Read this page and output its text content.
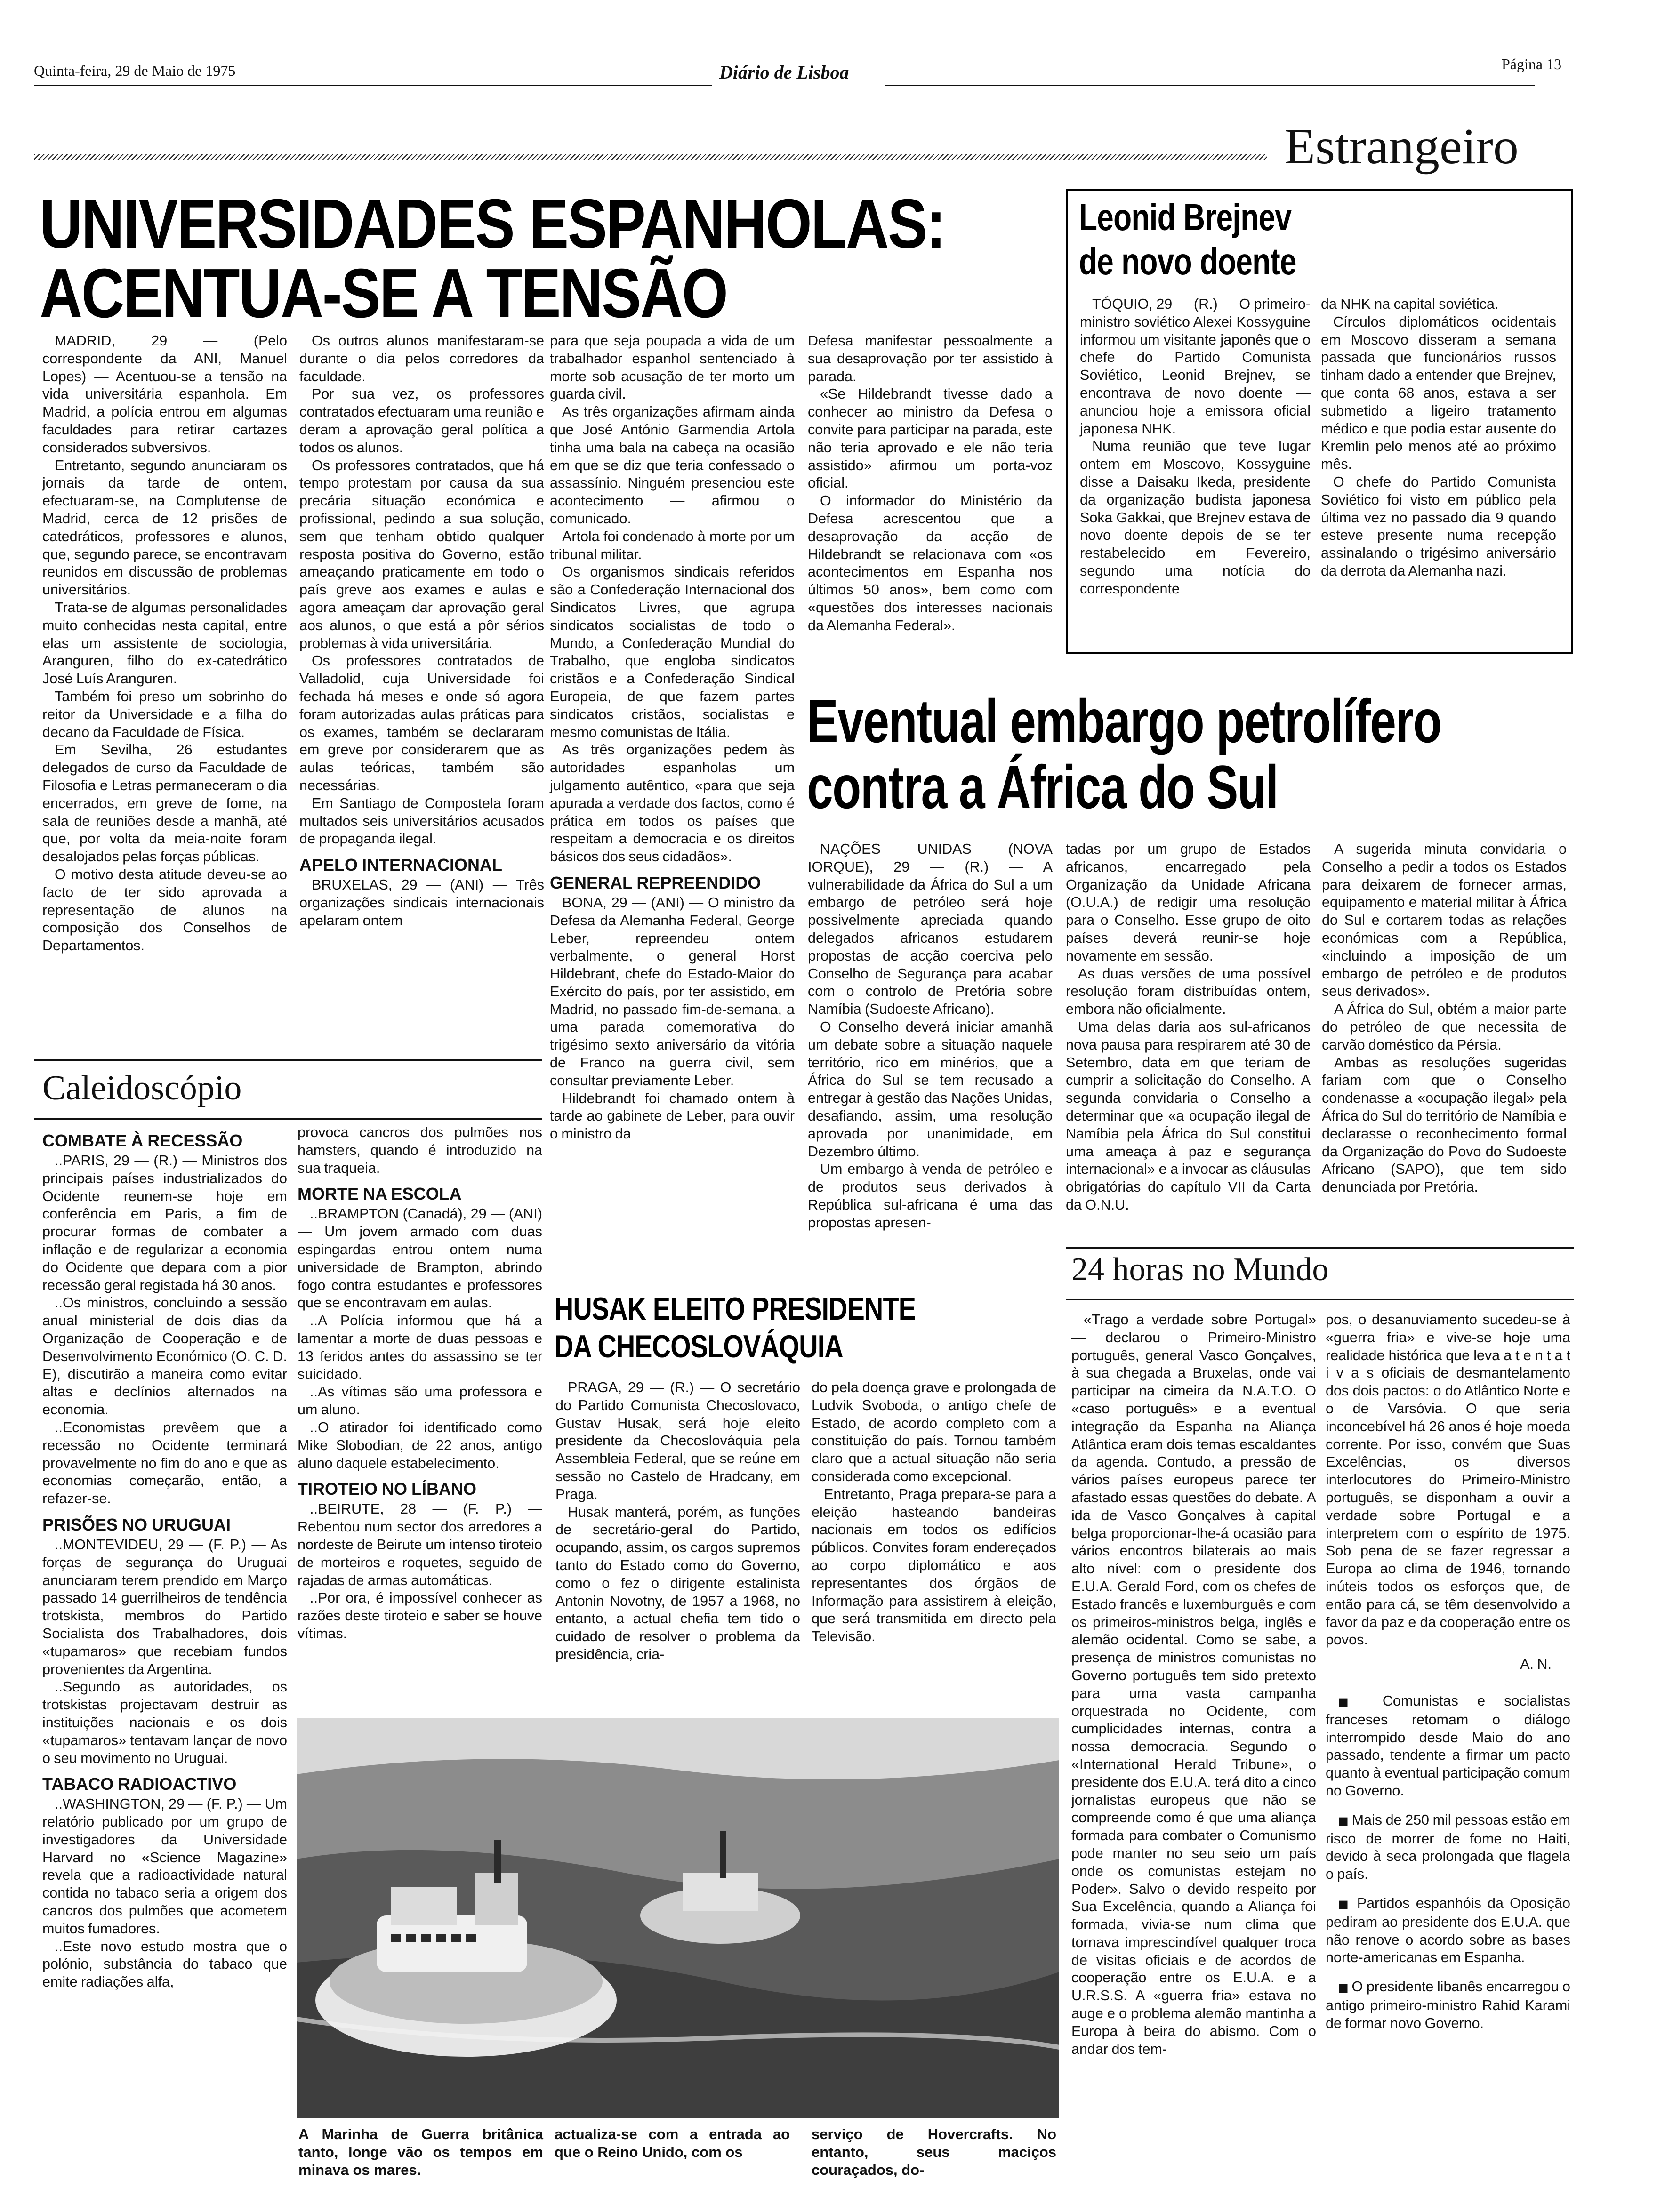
Quinta-feira, 29 de Maio de 1975	Diário de Lisboa	Página 13
Estrangeiro
UNIVERSIDADES ESPANHOLAS:
ACENTUA-SE A TENSÃO

MADRID, 29 — (Pelo correspondente da ANI, Manuel Lopes) — Acentuou-se a tensão na vida universitária espanhola. Em Madrid, a polícia entrou em algumas faculdades para retirar cartazes considerados subversivos.

Entretanto, segundo anunciaram os jornais da tarde de ontem, efectuaram-se, na Complutense de Madrid, cerca de 12 prisões de catedráticos, professores e alunos, que, segundo parece, se encontravam reunidos em discussão de problemas universitários.

Trata-se de algumas personalidades muito conhecidas nesta capital, entre elas um assistente de sociologia, Aranguren, filho do ex-catedrático José Luís Aranguren.

Também foi preso um sobrinho do reitor da Universidade e a filha do decano da Faculdade de Física.

Em Sevilha, 26 estudantes delegados de curso da Faculdade de Filosofia e Letras permaneceram o dia encerrados, em greve de fome, na sala de reuniões desde a manhã, até que, por volta da meia-noite foram desalojados pelas forças públicas.

O motivo desta atitude deveu-se ao facto de ter sido aprovada a representação de alunos na composição dos Conselhos de Departamentos.

Os outros alunos manifestaram-se durante o dia pelos corredores da faculdade.

Por sua vez, os professores contratados efectuaram uma reunião e deram a aprovação geral política a todos os alunos.

Os professores contratados, que há tempo protestam por causa da sua precária situação económica e profissional, pedindo a sua solução, sem que tenham obtido qualquer resposta positiva do Governo, estão ameaçando praticamente em todo o país greve aos exames e aulas e agora ameaçam dar aprovação geral aos alunos, o que está a pôr sérios problemas à vida universitária.

Os professores contratados de Valladolid, cuja Universidade foi fechada há meses e onde só agora foram autorizadas aulas práticas para os exames, também se declararam em greve por considerarem que as aulas teóricas, também são necessárias.

Em Santiago de Compostela foram multados seis universitários acusados de propaganda ilegal.

APELO INTERNACIONAL

BRUXELAS, 29 — (ANI) — Três organizações sindicais internacionais apelaram ontem

para que seja poupada a vida de um trabalhador espanhol sentenciado à morte sob acusação de ter morto um guarda civil.

As três organizações afirmam ainda que José António Garmendia Artola tinha uma bala na cabeça na ocasião em que se diz que teria confessado o assassínio. Ninguém presenciou este acontecimento — afirmou o comunicado.

Artola foi condenado à morte por um tribunal militar.

Os organismos sindicais referidos são a Confederação Internacional dos Sindicatos Livres, que agrupa sindicatos socialistas de todo o Mundo, a Confederação Mundial do Trabalho, que engloba sindicatos cristãos e a Confederação Sindical Europeia, de que fazem partes sindicatos cristãos, socialistas e mesmo comunistas de Itália.

As três organizações pedem às autoridades espanholas um julgamento autêntico, «para que seja apurada a verdade dos factos, como é prática em todos os países que respeitam a democracia e os direitos básicos dos seus cidadãos».

GENERAL REPREENDIDO

BONA, 29 — (ANI) — O ministro da Defesa da Alemanha Federal, George Leber, repreendeu ontem verbalmente, o general Horst Hildebrant, chefe do Estado-Maior do Exército do país, por ter assistido, em Madrid, no passado fim-de-semana, a uma parada comemorativa do trigésimo sexto aniversário da vitória de Franco na guerra civil, sem consultar previamente Leber.

Hildebrandt foi chamado ontem à tarde ao gabinete de Leber, para ouvir o ministro da

Defesa manifestar pessoalmente a sua desaprovação por ter assistido à parada.

«Se Hildebrandt tivesse dado a conhecer ao ministro da Defesa o convite para participar na parada, este não teria aprovado e ele não teria assistido» afirmou um porta-voz oficial.

O informador do Ministério da Defesa acrescentou que a desaprovação da acção de Hildebrandt se relacionava com «os acontecimentos em Espanha nos últimos 50 anos», bem como com «questões dos interesses nacionais da Alemanha Federal».

Leonid Brejnev
de novo doente

TÓQUIO, 29 — (R.) — O primeiro-ministro soviético Alexei Kossyguine informou um visitante japonês que o chefe do Partido Comunista Soviético, Leonid Brejnev, se encontrava de novo doente — anunciou hoje a emissora oficial japonesa NHK.

Numa reunião que teve lugar ontem em Moscovo, Kossyguine disse a Daisaku Ikeda, presidente da organização budista japonesa Soka Gakkai, que Brejnev estava de novo doente depois de se ter restabelecido em Fevereiro, segundo uma notícia do correspondente

da NHK na capital soviética.

Círculos diplomáticos ocidentais em Moscovo disseram a semana passada que funcionários russos tinham dado a entender que Brejnev, que conta 68 anos, estava a ser submetido a ligeiro tratamento médico e que podia estar ausente do Kremlin pelo menos até ao próximo mês.

O chefe do Partido Comunista Soviético foi visto em público pela última vez no passado dia 9 quando esteve presente numa recepção assinalando o trigésimo aniversário da derrota da Alemanha nazi.

Eventual embargo petrolífero
contra a África do Sul

NAÇÕES UNIDAS (NOVA IORQUE), 29 — (R.) — A vulnerabilidade da África do Sul a um embargo de petróleo será hoje possivelmente apreciada quando delegados africanos estudarem propostas de acção coerciva pelo Conselho de Segurança para acabar com o controlo de Pretória sobre Namíbia (Sudoeste Africano).

O Conselho deverá iniciar amanhã um debate sobre a situação naquele território, rico em minérios, que a África do Sul se tem recusado a entregar à gestão das Nações Unidas, desafiando, assim, uma resolução aprovada por unanimidade, em Dezembro último.

Um embargo à venda de petróleo e de produtos seus derivados à República sul-africana é uma das propostas apresen-

tadas por um grupo de Estados africanos, encarregado pela Organização da Unidade Africana (O.U.A.) de redigir uma resolução para o Conselho. Esse grupo de oito países deverá reunir-se hoje novamente em sessão.

As duas versões de uma possível resolução foram distribuídas ontem, embora não oficialmente.

Uma delas daria aos sul-africanos nova pausa para respirarem até 30 de Setembro, data em que teriam de cumprir a solicitação do Conselho. A segunda convidaria o Conselho a determinar que «a ocupação ilegal de Namíbia pela África do Sul constitui uma ameaça à paz e segurança internacional» e a invocar as cláusulas obrigatórias do capítulo VII da Carta da O.N.U.

A sugerida minuta convidaria o Conselho a pedir a todos os Estados para deixarem de fornecer armas, equipamento e material militar à África do Sul e cortarem todas as relações económicas com a República, «incluindo a imposição de um embargo de petróleo e de produtos seus derivados».

A África do Sul, obtém a maior parte do petróleo de que necessita de carvão doméstico da Pérsia.

Ambas as resoluções sugeridas fariam com que o Conselho condenasse a «ocupação ilegal» pela África do Sul do território de Namíbia e declarasse o reconhecimento formal da Organização do Povo do Sudoeste Africano (SAPO), que tem sido denunciada por Pretória.

Caleidoscópio
COMBATE À RECESSÃO

..PARIS, 29 — (R.) — Ministros dos principais países industrializados do Ocidente reunem-se hoje em conferência em Paris, a fim de procurar formas de combater a inflação e de regularizar a economia do Ocidente que depara com a pior recessão geral registada há 30 anos.

..Os ministros, concluindo a sessão anual ministerial de dois dias da Organização de Cooperação e de Desenvolvimento Económico (O. C. D. E), discutirão a maneira como evitar altas e declínios alternados na economia.

..Economistas prevêem que a recessão no Ocidente terminará provavelmente no fim do ano e que as economias começarão, então, a refazer-se.

PRISÕES NO URUGUAI

..MONTEVIDEU, 29 — (F. P.) — As forças de segurança do Uruguai anunciaram terem prendido em Março passado 14 guerrilheiros de tendência trotskista, membros do Partido Socialista dos Trabalhadores, dois «tupamaros» que recebiam fundos provenientes da Argentina.

..Segundo as autoridades, os trotskistas projectavam destruir as instituições nacionais e os dois «tupamaros» tentavam lançar de novo o seu movimento no Uruguai.

TABACO RADIOACTIVO

..WASHINGTON, 29 — (F. P.) — Um relatório publicado por um grupo de investigadores da Universidade Harvard no «Science Magazine» revela que a radioactividade natural contida no tabaco seria a origem dos cancros dos pulmões que acometem muitos fumadores.

..Este novo estudo mostra que o polónio, substância do tabaco que emite radiações alfa,

provoca cancros dos pulmões nos hamsters, quando é introduzido na sua traqueia.

MORTE NA ESCOLA

..BRAMPTON (Canadá), 29 — (ANI) — Um jovem armado com duas espingardas entrou ontem numa universidade de Brampton, abrindo fogo contra estudantes e professores que se encontravam em aulas.

..A Polícia informou que há a lamentar a morte de duas pessoas e 13 feridos antes do assassino se ter suicidado.

..As vítimas são uma professora e um aluno.

..O atirador foi identificado como Mike Slobodian, de 22 anos, antigo aluno daquele estabelecimento.

TIROTEIO NO LÍBANO

..BEIRUTE, 28 — (F. P.) — Rebentou num sector dos arredores a nordeste de Beirute um intenso tiroteio de morteiros e roquetes, seguido de rajadas de armas automáticas.

..Por ora, é impossível conhecer as razões deste tiroteio e saber se houve vítimas.

A Marinha de Guerra britânica tanto, longe vão os tempos em minava os mares.
actualiza-se com a entrada ao que o Reino Unido, com os
serviço de Hovercrafts. No entanto, seus maciços couraçados, do-
HUSAK ELEITO PRESIDENTE
DA CHECOSLOVÁQUIA

PRAGA, 29 — (R.) — O secretário do Partido Comunista Checoslovaco, Gustav Husak, será hoje eleito presidente da Checoslováquia pela Assembleia Federal, que se reúne em sessão no Castelo de Hradcany, em Praga.

Husak manterá, porém, as funções de secretário-geral do Partido, ocupando, assim, os cargos supremos tanto do Estado como do Governo, como o fez o dirigente estalinista Antonin Novotny, de 1957 a 1968, no entanto, a actual chefia tem tido o cuidado de resolver o problema da presidência, cria-

do pela doença grave e prolongada de Ludvik Svoboda, o antigo chefe de Estado, de acordo completo com a constituição do país. Tornou também claro que a actual situação não seria considerada como excepcional.

Entretanto, Praga prepara-se para a eleição hasteando bandeiras nacionais em todos os edifícios públicos. Convites foram endereçados ao corpo diplomático e aos representantes dos órgãos de Informação para assistirem à eleição, que será transmitida em directo pela Televisão.

24 horas no Mundo

«Trago a verdade sobre Portugal» — declarou o Primeiro-Ministro português, general Vasco Gonçalves, à sua chegada a Bruxelas, onde vai participar na cimeira da N.A.T.O. O «caso português» e a eventual integração da Espanha na Aliança Atlântica eram dois temas escaldantes da agenda. Contudo, a pressão de vários países europeus parece ter afastado essas questões do debate. A ida de Vasco Gonçalves à capital belga proporcionar-lhe-á ocasião para vários encontros bilaterais ao mais alto nível: com o presidente dos E.U.A. Gerald Ford, com os chefes de Estado francês e luxemburguês e com os primeiros-ministros belga, inglês e alemão ocidental. Como se sabe, a presença de ministros comunistas no Governo português tem sido pretexto para uma vasta campanha orquestrada no Ocidente, com cumplicidades internas, contra a nossa democracia. Segundo o «International Herald Tribune», o presidente dos E.U.A. terá dito a cinco jornalistas europeus que não se compreende como é que uma aliança formada para combater o Comunismo pode manter no seu seio um país onde os comunistas estejam no Poder». Salvo o devido respeito por Sua Excelência, quando a Aliança foi formada, vivia-se num clima que tornava imprescindível qualquer troca de visitas oficiais e de acordos de cooperação entre os E.U.A. e a U.R.S.S. A «guerra fria» estava no auge e o problema alemão mantinha a Europa à beira do abismo. Com o andar dos tem-

pos, o desanuviamento sucedeu-se à «guerra fria» e vive-se hoje uma realidade histórica que leva a t e n t a t i v a s oficiais de desmantelamento dos dois pactos: o do Atlântico Norte e o de Varsóvia. O que seria inconcebível há 26 anos é hoje moeda corrente. Por isso, convém que Suas Excelências, os diversos interlocutores do Primeiro-Ministro português, se disponham a ouvir a verdade sobre Portugal e a interpretem com o espírito de 1975. Sob pena de se fazer regressar a Europa ao clima de 1946, tornando inúteis todos os esforços que, de então para cá, se têm desenvolvido a favor da paz e da cooperação entre os povos.

A. N.

■ Comunistas e socialistas franceses retomam o diálogo interrompido desde Maio do ano passado, tendente a firmar um pacto quanto à eventual participação comum no Governo.

■ Mais de 250 mil pessoas estão em risco de morrer de fome no Haiti, devido à seca prolongada que flagela o país.

■ Partidos espanhóis da Oposição pediram ao presidente dos E.U.A. que não renove o acordo sobre as bases norte-americanas em Espanha.

■ O presidente libanês encarregou o antigo primeiro-ministro Rahid Karami de formar novo Governo.
